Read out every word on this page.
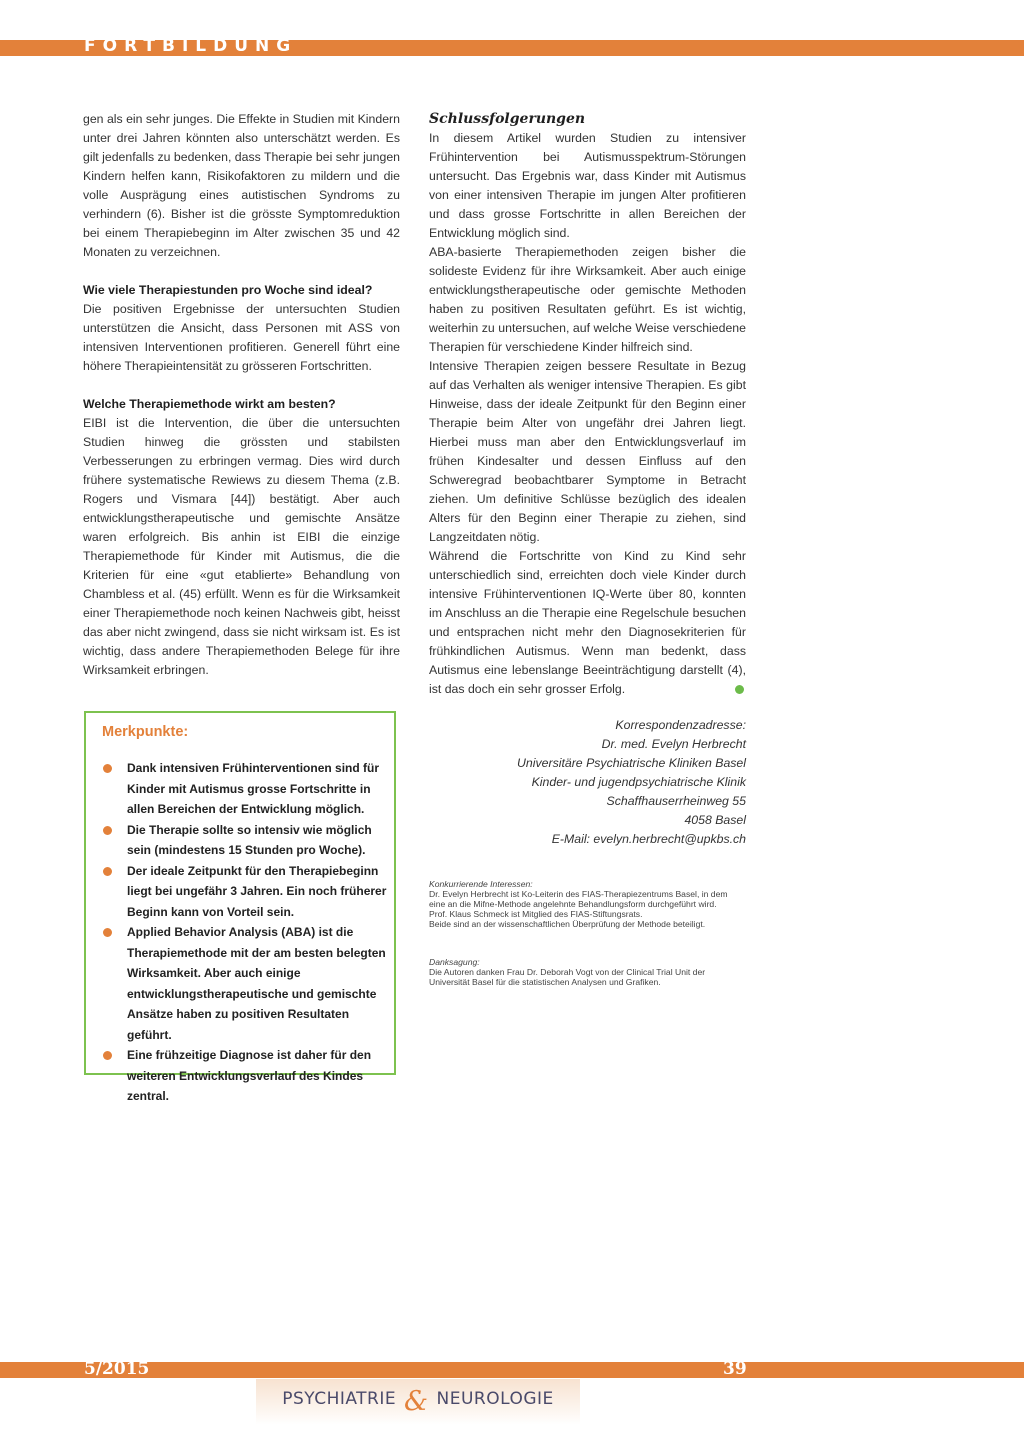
FORTBILDUNG

gen als ein sehr junges. Die Effekte in Studien mit Kindern unter drei Jahren könnten also unterschätzt werden. Es gilt jedenfalls zu bedenken, dass Therapie bei sehr jungen Kindern helfen kann, Risikofaktoren zu mildern und die volle Ausprägung eines autistischen Syndroms zu verhindern (6). Bisher ist die grösste Symptomreduktion bei einem Therapiebeginn im Alter zwischen 35 und 42 Monaten zu verzeichnen.

Wie viele Therapiestunden pro Woche sind ideal?

Die positiven Ergebnisse der untersuchten Studien unterstützen die Ansicht, dass Personen mit ASS von intensiven Interventionen profitieren. Generell führt eine höhere Therapieintensität zu grösseren Fortschritten.

Welche Therapiemethode wirkt am besten?

EIBI ist die Intervention, die über die untersuchten Studien hinweg die grössten und stabilsten Verbesserungen zu erbringen vermag. Dies wird durch frühere systematische Rewiews zu diesem Thema (z.B. Rogers und Vismara [44]) bestätigt. Aber auch entwicklungstherapeutische und gemischte Ansätze waren erfolgreich. Bis anhin ist EIBI die einzige Therapiemethode für Kinder mit Autismus, die die Kriterien für eine «gut etablierte» Behandlung von Chambless et al. (45) erfüllt. Wenn es für die Wirksamkeit einer Therapiemethode noch keinen Nachweis gibt, heisst das aber nicht zwingend, dass sie nicht wirksam ist. Es ist wichtig, dass andere Therapiemethoden Belege für ihre Wirksamkeit erbringen.

Merkpunkte:
Dank intensiven Frühinterventionen sind für Kinder mit Autismus grosse Fortschritte in allen Bereichen der Entwicklung möglich.
Die Therapie sollte so intensiv wie möglich sein (mindestens 15 Stunden pro Woche).
Der ideale Zeitpunkt für den Therapiebeginn liegt bei ungefähr 3 Jahren. Ein noch früherer Beginn kann von Vorteil sein.
Applied Behavior Analysis (ABA) ist die Therapiemethode mit der am besten belegten Wirksamkeit. Aber auch einige entwicklungstherapeutische und gemischte Ansätze haben zu positiven Resultaten geführt.
Eine frühzeitige Diagnose ist daher für den weiteren Entwicklungsverlauf des Kindes zentral.

Schlussfolgerungen

In diesem Artikel wurden Studien zu intensiver Frühintervention bei Autismusspektrum-Störungen untersucht. Das Ergebnis war, dass Kinder mit Autismus von einer intensiven Therapie im jungen Alter profitieren und dass grosse Fortschritte in allen Bereichen der Entwicklung möglich sind.

ABA-basierte Therapiemethoden zeigen bisher die solideste Evidenz für ihre Wirksamkeit. Aber auch einige entwicklungstherapeutische oder gemischte Methoden haben zu positiven Resultaten geführt. Es ist wichtig, weiterhin zu untersuchen, auf welche Weise verschiedene Therapien für verschiedene Kinder hilfreich sind.

Intensive Therapien zeigen bessere Resultate in Bezug auf das Verhalten als weniger intensive Therapien. Es gibt Hinweise, dass der ideale Zeitpunkt für den Beginn einer Therapie beim Alter von ungefähr drei Jahren liegt. Hierbei muss man aber den Entwicklungsverlauf im frühen Kindesalter und dessen Einfluss auf den Schweregrad beobachtbarer Symptome in Betracht ziehen. Um definitive Schlüsse bezüglich des idealen Alters für den Beginn einer Therapie zu ziehen, sind Langzeitdaten nötig.

Während die Fortschritte von Kind zu Kind sehr unterschiedlich sind, erreichten doch viele Kinder durch intensive Frühinterventionen IQ-Werte über 80, konnten im Anschluss an die Therapie eine Regelschule besuchen und entsprachen nicht mehr den Diagnosekriterien für frühkindlichen Autismus. Wenn man bedenkt, dass Autismus eine lebenslange Beeinträchtigung darstellt (4), ist das doch ein sehr grosser Erfolg.

Korrespondenzadresse:
Dr. med. Evelyn Herbrecht
Universitäre Psychiatrische Kliniken Basel
Kinder- und jugendpsychiatrische Klinik
Schaffhauserrheinweg 55
4058 Basel
E-Mail: evelyn.herbrecht@upkbs.ch
Konkurrierende Interessen:
Dr. Evelyn Herbrecht ist Ko-Leiterin des FIAS-Therapiezentrums Basel, in dem eine an die Mifne-Methode angelehnte Behandlungsform durchgeführt wird.
Prof. Klaus Schmeck ist Mitglied des FIAS-Stiftungsrats.
Beide sind an der wissenschaftlichen Überprüfung der Methode beteiligt.
Danksagung:
Die Autoren danken Frau Dr. Deborah Vogt von der Clinical Trial Unit der Universität Basel für die statistischen Analysen und Grafiken.
5/2015	39
PSYCHIATRIE & NEUROLOGIE
